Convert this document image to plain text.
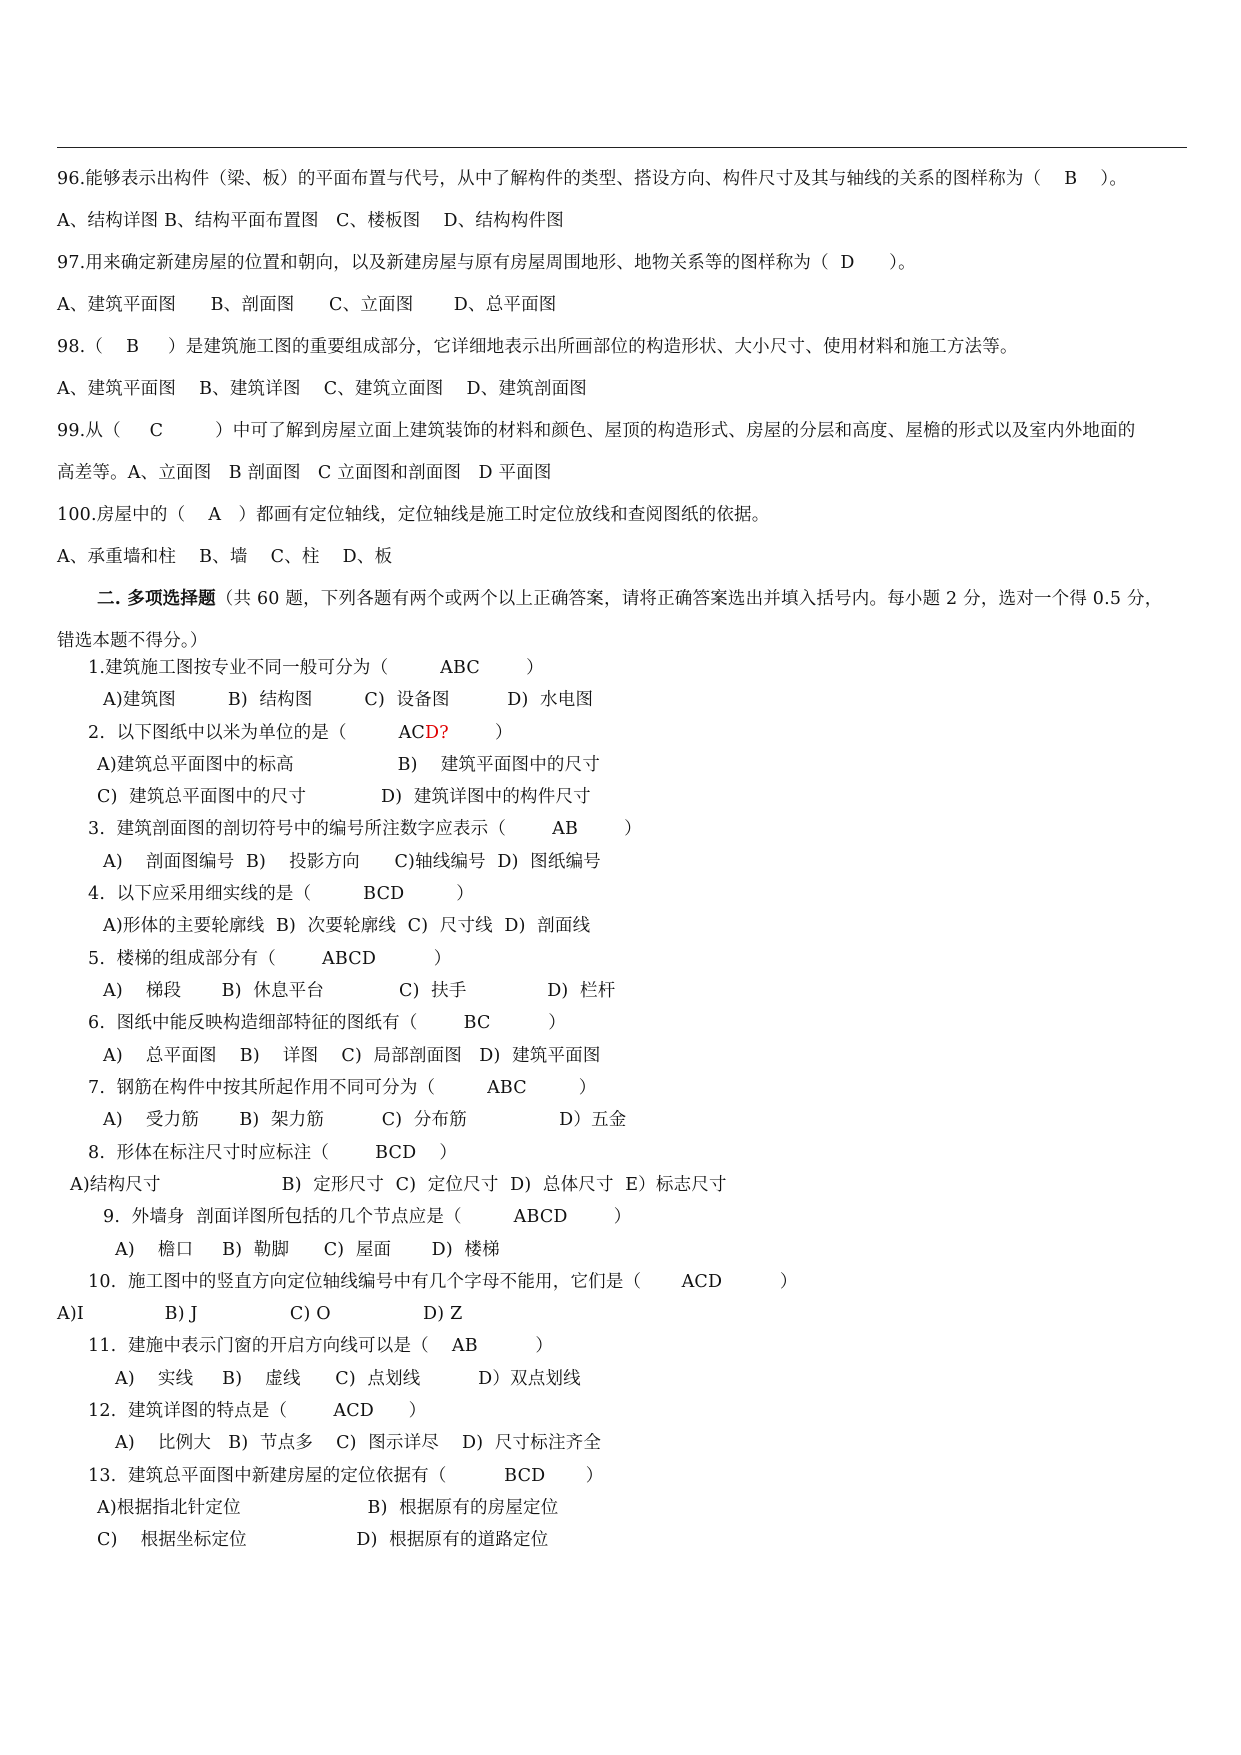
96.能够表示出构件（梁、板）的平面布置与代号，从中了解构件的类型、搭设方向、构件尺寸及其与轴线的关系的图样称为（    B    ）。
A、结构详图 B、结构平面布置图   C、楼板图    D、结构构件图
97.用来确定新建房屋的位置和朝向，以及新建房屋与原有房屋周围地形、地物关系等的图样称为（  D      ）。
A、建筑平面图      B、剖面图      C、立面图       D、总平面图
98.（    B     ）是建筑施工图的重要组成部分，它详细地表示出所画部位的构造形状、大小尺寸、使用材料和施工方法等。
A、建筑平面图    B、建筑详图    C、建筑立面图    D、建筑剖面图
99.从（     C         ）中可了解到房屋立面上建筑装饰的材料和颜色、屋顶的构造形式、房屋的分层和高度、屋檐的形式以及室内外地面的
高差等。A、立面图   B 剖面图   C 立面图和剖面图   D 平面图
100.房屋中的（    A   ）都画有定位轴线，定位轴线是施工时定位放线和查阅图纸的依据。
A、承重墙和柱    B、墙    C、柱    D、板
二. 多项选择题（共 60 题，下列各题有两个或两个以上正确答案，请将正确答案选出并填入括号内。每小题 2 分，选对一个得 0.5 分，
错选本题不得分。）
1.建筑施工图按专业不同一般可分为（         ABC        ）
A)建筑图         B)  结构图         C)  设备图          D)  水电图
2.  以下图纸中以米为单位的是（         ACD?        ）
A)建筑总平面图中的标高                  B)    建筑平面图中的尺寸
C)  建筑总平面图中的尺寸             D)  建筑详图中的构件尺寸
3.  建筑剖面图的剖切符号中的编号所注数字应表示（        AB        ）
A)    剖面图编号  B)    投影方向      C)轴线编号  D)  图纸编号
4.  以下应采用细实线的是（         BCD         ）
A)形体的主要轮廓线  B)  次要轮廓线  C)  尺寸线  D)  剖面线
5.  楼梯的组成部分有（        ABCD          ）
A)    梯段       B)  休息平台             C)  扶手              D)  栏杆
6.  图纸中能反映构造细部特征的图纸有（        BC          ）
A)    总平面图    B)    详图    C)  局部剖面图   D)  建筑平面图
7.  钢筋在构件中按其所起作用不同可分为（         ABC         ）
A)    受力筋       B)  架力筋          C)  分布筋                D）五金
8.  形体在标注尺寸时应标注（        BCD    ）
A)结构尺寸                     B)  定形尺寸  C)  定位尺寸  D)  总体尺寸  E）标志尺寸
9.  外墙身  剖面详图所包括的几个节点应是（         ABCD        ）
A)    檐口     B)  勒脚      C)  屋面       D)  楼梯
10.  施工图中的竖直方向定位轴线编号中有几个字母不能用，它们是（       ACD          ）
A)I              B) J                C) O                D) Z
11.  建施中表示门窗的开启方向线可以是（    AB          ）
A)    实线     B)    虚线      C)  点划线          D）双点划线
12.  建筑详图的特点是（        ACD      ）
A)    比例大   B)  节点多    C)  图示详尽    D)  尺寸标注齐全
13.  建筑总平面图中新建房屋的定位依据有（          BCD       ）
A)根据指北针定位                      B)  根据原有的房屋定位
C)    根据坐标定位                   D)  根据原有的道路定位
